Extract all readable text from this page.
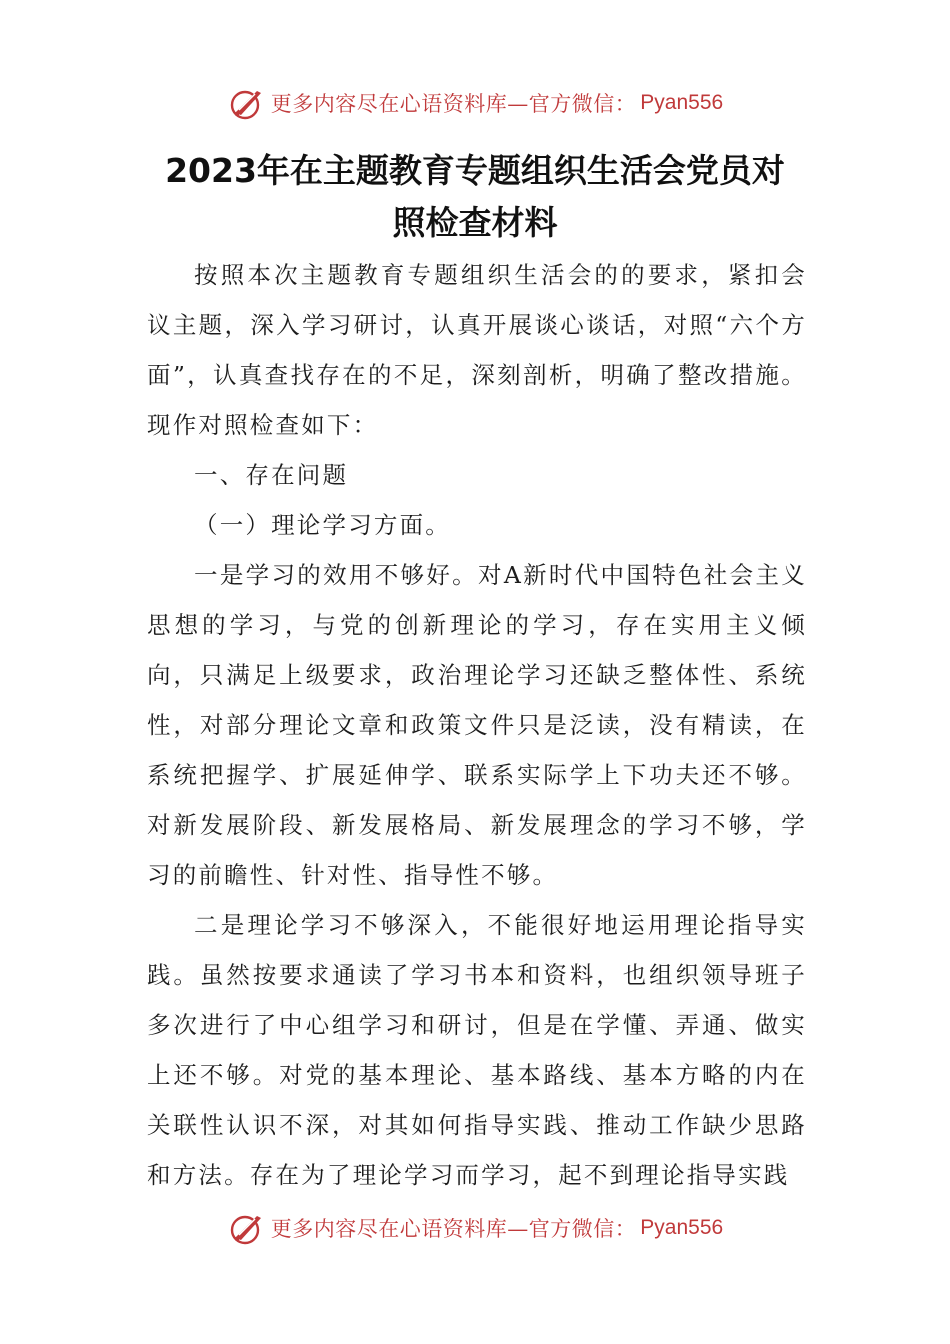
更多内容尽在心语资料库—官方微信： Pyan556
2023年在主题教育专题组织生活会党员对
照检查材料

按照本次主题教育专题组织生活会的的要求，紧扣会议主题，深入学习研讨，认真开展谈心谈话，对照“六个方面”，认真查找存在的不足，深刻剖析，明确了整改措施。现作对照检查如下：

一、存在问题

（一）理论学习方面。

一是学习的效用不够好。对A新时代中国特色社会主义思想的学习，与党的创新理论的学习，存在实用主义倾向，只满足上级要求，政治理论学习还缺乏整体性、系统性，对部分理论文章和政策文件只是泛读，没有精读，在系统把握学、扩展延伸学、联系实际学上下功夫还不够。对新发展阶段、新发展格局、新发展理念的学习不够，学习的前瞻性、针对性、指导性不够。

二是理论学习不够深入，不能很好地运用理论指导实践。虽然按要求通读了学习书本和资料，也组织领导班子多次进行了中心组学习和研讨，但是在学懂、弄通、做实上还不够。对党的基本理论、基本路线、基本方略的内在关联性认识不深，对其如何指导实践、推动工作缺少思路和方法。存在为了理论学习而学习，起不到理论指导实践

更多内容尽在心语资料库—官方微信： Pyan556
